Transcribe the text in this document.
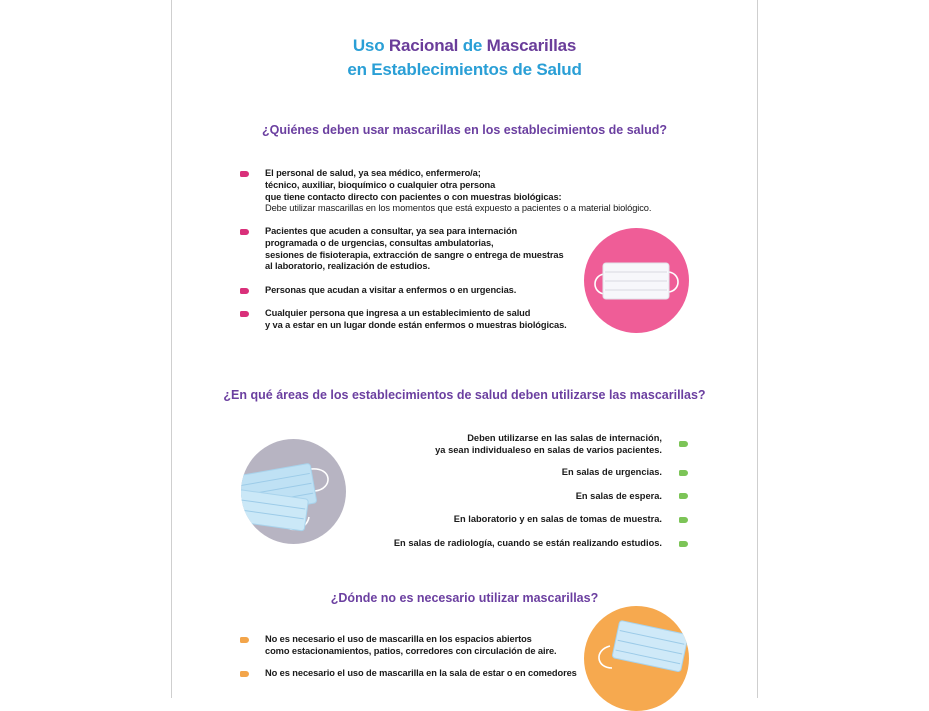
Uso Racional de Mascarillas
en Establecimientos de Salud
¿Quiénes deben usar mascarillas en los establecimientos de salud?
El personal de salud, ya sea médico, enfermero/a;
técnico, auxiliar, bioquímico o cualquier otra persona
que tiene contacto directo con pacientes o con muestras biológicas:
Debe utilizar mascarillas en los momentos que está expuesto a pacientes o a material biológico.
Pacientes que acuden a consultar, ya sea para internación
programada o de urgencias, consultas ambulatorias,
sesiones de fisioterapia, extracción de sangre o entrega de muestras
al laboratorio, realización de estudios.
Personas que acudan a visitar a enfermos o en urgencias.
Cualquier persona que ingresa a un establecimiento de salud
y va a estar en un lugar donde están enfermos o muestras biológicas.
¿En qué áreas de los establecimientos de salud deben utilizarse las mascarillas?
Deben utilizarse en las salas de internación,
ya sean individualeso en salas de varios pacientes.
En salas de urgencias.
En salas de espera.
En laboratorio y en salas de tomas de muestra.
En salas de radiología, cuando se están realizando estudios.
¿Dónde no es necesario utilizar mascarillas?
No es necesario el uso de mascarilla en los espacios abiertos
como estacionamientos, patios, corredores con circulación de aire.
No es necesario el uso de mascarilla en la sala de estar o en comedores
